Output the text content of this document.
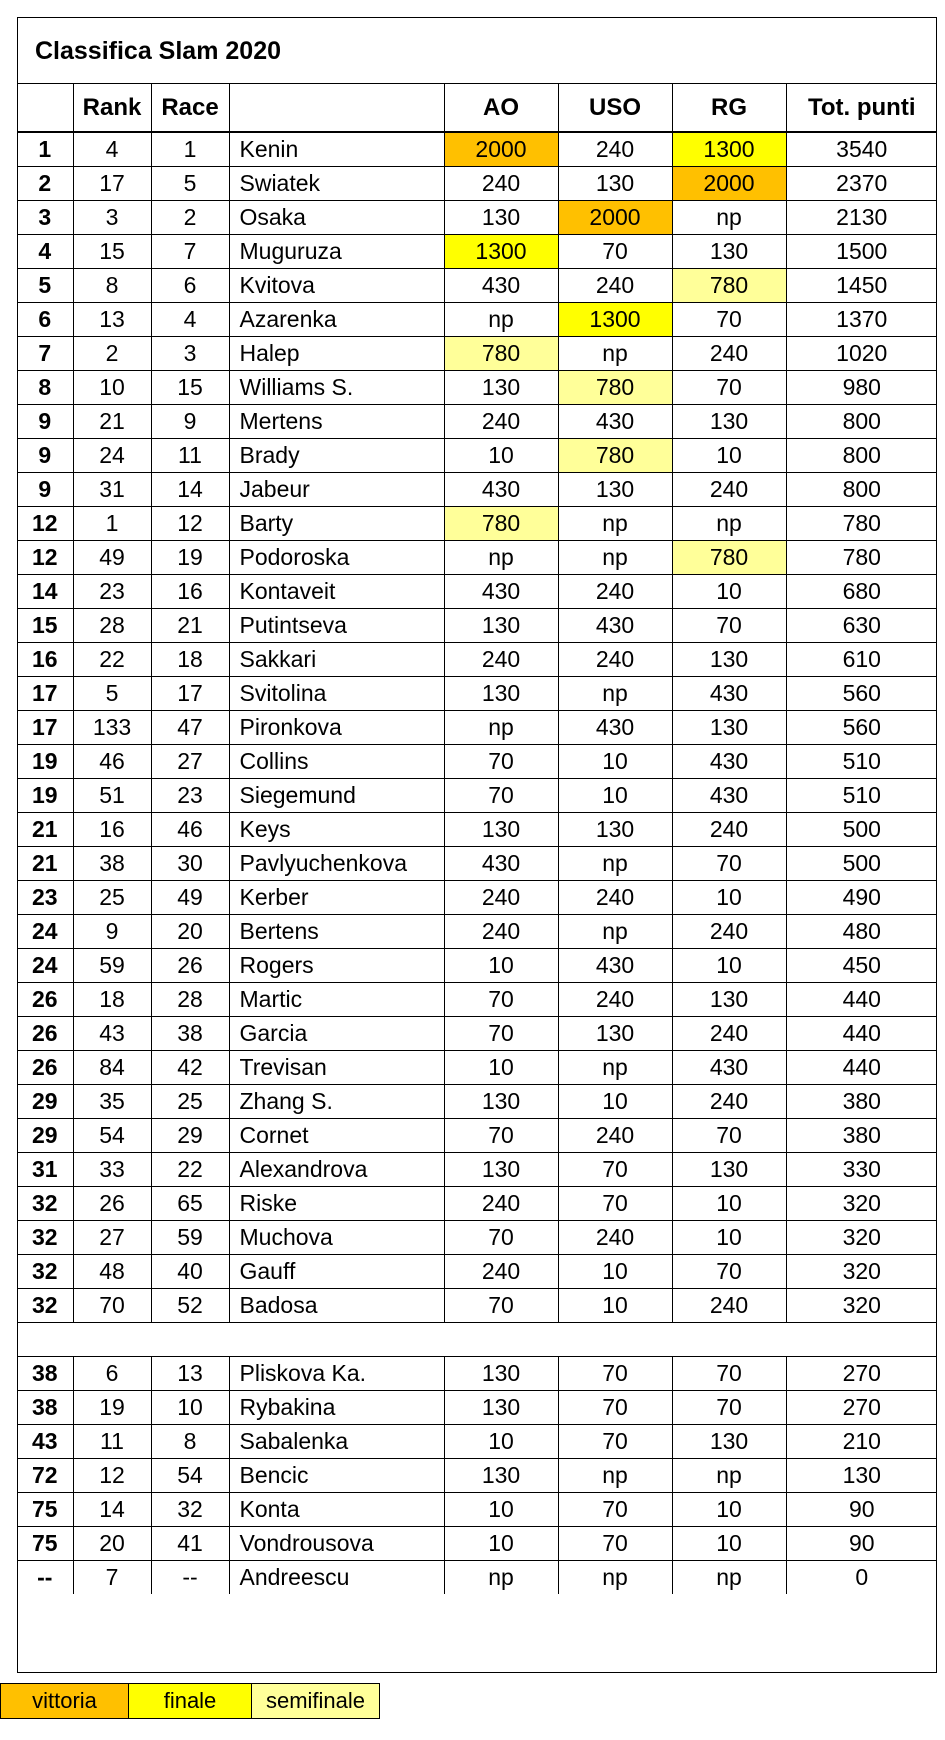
Classifica Slam 2020
	Rank	Race		AO	USO	RG	Tot. punti
1	4	1	Kenin	2000	240	1300	3540
2	17	5	Swiatek	240	130	2000	2370
3	3	2	Osaka	130	2000	np	2130
4	15	7	Muguruza	1300	70	130	1500
5	8	6	Kvitova	430	240	780	1450
6	13	4	Azarenka	np	1300	70	1370
7	2	3	Halep	780	np	240	1020
8	10	15	Williams S.	130	780	70	980
9	21	9	Mertens	240	430	130	800
9	24	11	Brady	10	780	10	800
9	31	14	Jabeur	430	130	240	800
12	1	12	Barty	780	np	np	780
12	49	19	Podoroska	np	np	780	780
14	23	16	Kontaveit	430	240	10	680
15	28	21	Putintseva	130	430	70	630
16	22	18	Sakkari	240	240	130	610
17	5	17	Svitolina	130	np	430	560
17	133	47	Pironkova	np	430	130	560
19	46	27	Collins	70	10	430	510
19	51	23	Siegemund	70	10	430	510
21	16	46	Keys	130	130	240	500
21	38	30	Pavlyuchenkova	430	np	70	500
23	25	49	Kerber	240	240	10	490
24	9	20	Bertens	240	np	240	480
24	59	26	Rogers	10	430	10	450
26	18	28	Martic	70	240	130	440
26	43	38	Garcia	70	130	240	440
26	84	42	Trevisan	10	np	430	440
29	35	25	Zhang S.	130	10	240	380
29	54	29	Cornet	70	240	70	380
31	33	22	Alexandrova	130	70	130	330
32	26	65	Riske	240	70	10	320
32	27	59	Muchova	70	240	10	320
32	48	40	Gauff	240	10	70	320
32	70	52	Badosa	70	10	240	320

38	6	13	Pliskova Ka.	130	70	70	270
38	19	10	Rybakina	130	70	70	270
43	11	8	Sabalenka	10	70	130	210
72	12	54	Bencic	130	np	np	130
75	14	32	Konta	10	70	10	90
75	20	41	Vondrousova	10	70	10	90
--	7	--	Andreescu	np	np	np	0
vittoria	finale	semifinale
